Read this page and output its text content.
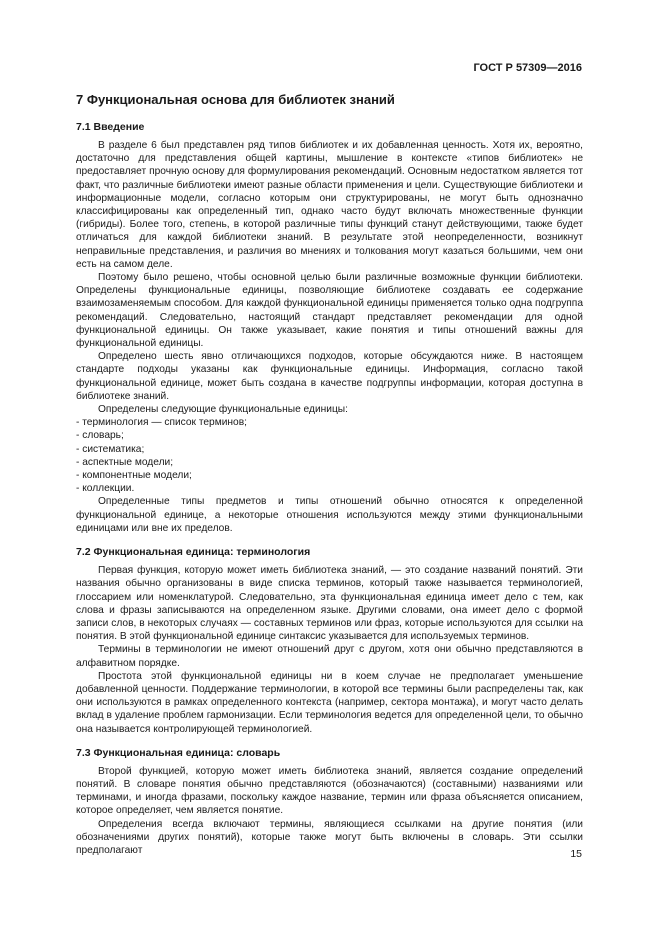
ГОСТ Р 57309—2016
7 Функциональная основа для библиотек знаний
7.1 Введение

В разделе 6 был представлен ряд типов библиотек и их добавленная ценность. Хотя их, вероятно, достаточно для представления общей картины, мышление в контексте «типов библиотек» не предоставляет прочную основу для формулирования рекомендаций. Основным недостатком является тот факт, что различные библиотеки имеют разные области применения и цели. Существующие библиотеки и информационные модели, согласно которым они структурированы, не могут быть однозначно классифицированы как определенный тип, однако часто будут включать множественные функции (гибриды). Более того, степень, в которой различные типы функций станут действующими, также будет отличаться для каждой библиотеки знаний. В результате этой неопределенности, возникнут неправильные представления, и различия во мнениях и толкования могут казаться большими, чем они есть на самом деле.

Поэтому было решено, чтобы основной целью были различные возможные функции библиотеки. Определены функциональные единицы, позволяющие библиотеке создавать ее содержание взаимозаменяемым способом. Для каждой функциональной единицы применяется только одна подгруппа рекомендаций. Следовательно, настоящий стандарт представляет рекомендации для одной функциональной единицы. Он также указывает, какие понятия и типы отношений важны для функциональной единицы.

Определено шесть явно отличающихся подходов, которые обсуждаются ниже. В настоящем стандарте подходы указаны как функциональные единицы. Информация, согласно такой функциональной единице, может быть создана в качестве подгруппы информации, которая доступна в библиотеке знаний.

Определены следующие функциональные единицы:

- терминология — список терминов;
- словарь;
- систематика;
- аспектные модели;
- компонентные модели;
- коллекции.

Определенные типы предметов и типы отношений обычно относятся к определенной функциональной единице, а некоторые отношения используются между этими функциональными единицами или вне их пределов.

7.2 Функциональная единица: терминология

Первая функция, которую может иметь библиотека знаний, — это создание названий понятий. Эти названия обычно организованы в виде списка терминов, который также называется терминологией, глоссарием или номенклатурой. Следовательно, эта функциональная единица имеет дело с тем, как слова и фразы записываются на определенном языке. Другими словами, она имеет дело с формой записи слов, в некоторых случаях — составных терминов или фраз, которые используются для ссылки на понятия. В этой функциональной единице синтаксис указывается для используемых терминов.

Термины в терминологии не имеют отношений друг с другом, хотя они обычно представляются в алфавитном порядке.

Простота этой функциональной единицы ни в коем случае не предполагает уменьшение добавленной ценности. Поддержание терминологии, в которой все термины были распределены так, как они используются в рамках определенного контекста (например, сектора монтажа), и могут часто делать вклад в удаление проблем гармонизации. Если терминология ведется для определенной цели, то обычно она называется контролирующей терминологией.

7.3 Функциональная единица: словарь

Второй функцией, которую может иметь библиотека знаний, является создание определений понятий. В словаре понятия обычно представляются (обозначаются) (составными) названиями или терминами, и иногда фразами, поскольку каждое название, термин или фраза объясняется описанием, которое определяет, чем является понятие.

Определения всегда включают термины, являющиеся ссылками на другие понятия (или обозначениями других понятий), которые также могут быть включены в словарь. Эти ссылки предполагают	15
